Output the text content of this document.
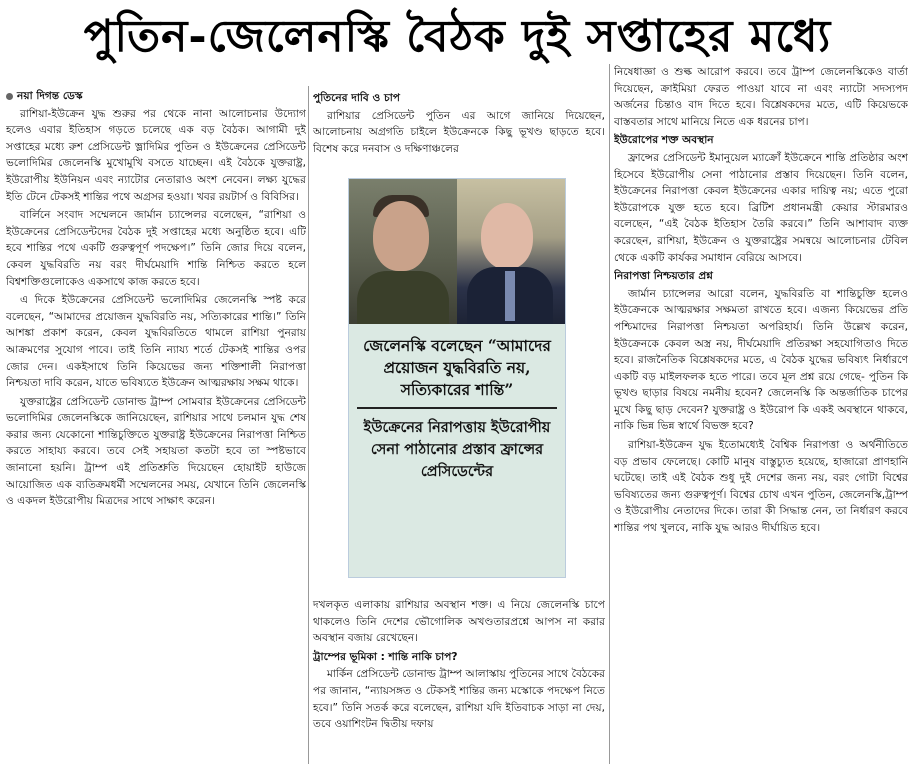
পুতিন-জেলেনস্কি বৈঠক দুই সপ্তাহের মধ্যে
নয়া দিগন্ত ডেস্ক

রাশিয়া-ইউক্রেন যুদ্ধ শুরুর পর থেকে নানা আলোচনার উদ্যোগ হলেও এবার ইতিহাস গড়তে চলেছে এক বড় বৈঠক। আগামী দুই সপ্তাহের মধ্যে রুশ প্রেসিডেন্ট ভ্লাদিমির পুতিন ও ইউক্রেনের প্রেসিডেন্ট ভলোদিমির জেলেনস্কি মুখোমুখি বসতে যাচ্ছেন। এই বৈঠকে যুক্তরাষ্ট্র, ইউরোপীয় ইউনিয়ন এবং ন্যাটোর নেতারাও অংশ নেবেন। লক্ষ্য যুদ্ধের ইতি টেনে টেকসই শান্তির পথে অগ্রসর হওয়া। খবর রয়টার্স ও বিবিসির।

বার্লিনে সংবাদ সম্মেলনে জার্মান চ্যান্সেলর বলেছেন, “রাশিয়া ও ইউক্রেনের প্রেসিডেন্টদের বৈঠক দুই সপ্তাহের মধ্যে অনুষ্ঠিত হবে। এটি হবে শান্তির পথে একটি গুরুত্বপূর্ণ পদক্ষেপ।” তিনি জোর দিয়ে বলেন, কেবল যুদ্ধবিরতি নয় বরং দীর্ঘমেয়াদি শান্তি নিশ্চিত করতে হলে বিশ্বশক্তিগুলোকেও একসাথে কাজ করতে হবে।

এ দিকে ইউক্রেনের প্রেসিডেন্ট ভলোদিমির জেলেনস্কি স্পষ্ট করে বলেছেন, “আমাদের প্রয়োজন যুদ্ধবিরতি নয়, সত্যিকারের শান্তি।” তিনি আশঙ্কা প্রকাশ করেন, কেবল যুদ্ধবিরতিতে থামলে রাশিয়া পুনরায় আক্রমণের সুযোগ পাবে। তাই তিনি ন্যায্য শর্তে টেকসই শান্তির ওপর জোর দেন। একইসাথে তিনি কিয়েভের জন্য শক্তিশালী নিরাপত্তা নিশ্চয়তা দাবি করেন, যাতে ভবিষ্যতে ইউক্রেন আত্মরক্ষায় সক্ষম থাকে।

যুক্তরাষ্ট্রের প্রেসিডেন্ট ডোনাল্ড ট্রাম্প সোমবার ইউক্রেনের প্রেসিডেন্ট ভলোদিমির জেলেনস্কিকে জানিয়েছেন, রাশিয়ার সাথে চলমান যুদ্ধ শেষ করার জন্য যেকোনো শান্তিচুক্তিতে যুক্তরাষ্ট্র ইউক্রেনের নিরাপত্তা নিশ্চিত করতে সাহায্য করবে। তবে সেই সহায়তা কতটা হবে তা স্পষ্টভাবে জানানো হয়নি। ট্রাম্প এই প্রতিশ্রুতি দিয়েছেন হোয়াইট হাউজে আয়োজিত এক ব্যতিক্রমধর্মী সম্মেলনের সময়, যেখানে তিনি জেলেনস্কি ও একদল ইউরোপীয় মিত্রদের সাথে সাক্ষাৎ করেন।

পুতিনের দাবি ও চাপ

রাশিয়ার প্রেসিডেন্ট পুতিন এর আগে জানিয়ে দিয়েছেন, আলোচনায় অগ্রগতি চাইলে ইউক্রেনকে কিছু ভূখণ্ড ছাড়তে হবে। বিশেষ করে দনবাস ও দক্ষিণাঞ্চলের

জেলেনস্কি বলেছেন “আমাদের প্রয়োজন যুদ্ধবিরতি নয়, সত্যিকারের শান্তি”
ইউক্রেনের নিরাপত্তায় ইউরোপীয় সেনা পাঠানোর প্রস্তাব ফ্রান্সের প্রেসিডেন্টের

দখলকৃত এলাকায় রাশিয়ার অবস্থান শক্ত। এ নিয়ে জেলেনস্কি চাপে থাকলেও তিনি দেশের ভৌগোলিক অখণ্ডতারপ্রশ্নে আপস না করার অবস্থান বজায় রেখেছেন।

ট্রাম্পের ভূমিকা : শান্তি নাকি চাপ?

মার্কিন প্রেসিডেন্ট ডোনাল্ড ট্রাম্প আলাস্কায় পুতিনের সাথে বৈঠকের পর জানান, “ন্যায়সঙ্গত ও টেকসই শান্তির জন্য মস্কোকে পদক্ষেপ নিতে হবে।” তিনি সতর্ক করে বলেছেন, রাশিয়া যদি ইতিবাচক সাড়া না দেয়, তবে ওয়াশিংটন দ্বিতীয় দফায়

নিষেধাজ্ঞা ও শুল্ক আরোপ করবে। তবে ট্রাম্প জেলেনস্কিকেও বার্তা দিয়েছেন, ক্রাইমিয়া ফেরত পাওয়া যাবে না এবং ন্যাটো সদস্যপদ অর্জনের চিন্তাও বাদ দিতে হবে। বিশ্লেষকদের মতে, এটি কিয়েভকে বাস্তবতার সাথে মানিয়ে নিতে এক ধরনের চাপ।

ইউরোপের শক্ত অবস্থান

ফ্রান্সের প্রেসিডেন্ট ইমানুয়েল ম্যাক্রোঁ ইউক্রেনে শান্তি প্রতিষ্ঠার অংশ হিসেবে ইউরোপীয় সেনা পাঠানোর প্রস্তাব দিয়েছেন। তিনি বলেন, ইউক্রেনের নিরাপত্তা কেবল ইউক্রেনের একার দায়িত্ব নয়; এতে পুরো ইউরোপকে যুক্ত হতে হবে। ব্রিটিশ প্রধানমন্ত্রী কেয়ার স্টারমারও বলেছেন, “এই বৈঠক ইতিহাস তৈরি করবে।” তিনি আশাবাদ ব্যক্ত করেছেন, রাশিয়া, ইউক্রেন ও যুক্তরাষ্ট্রের সমন্বয়ে আলোচনার টেবিল থেকে একটি কার্যকর সমাধান বেরিয়ে আসবে।

নিরাপত্তা নিশ্চয়তার প্রশ্ন

জার্মান চ্যান্সেলর আরো বলেন, যুদ্ধবিরতি বা শান্তিচুক্তি হলেও ইউক্রেনকে আত্মরক্ষার সক্ষমতা রাখতে হবে। এজন্য কিয়েভের প্রতি পশ্চিমাদের নিরাপত্তা নিশ্চয়তা অপরিহার্য। তিনি উল্লেখ করেন, ইউক্রেনকে কেবল অস্ত্র নয়, দীর্ঘমেয়াদি প্রতিরক্ষা সহযোগিতাও দিতে হবে। রাজনৈতিক বিশ্লেষকদের মতে, এ বৈঠক যুদ্ধের ভবিষ্যৎ নির্ধারণে একটি বড় মাইলফলক হতে পারে। তবে মূল প্রশ্ন রয়ে গেছে- পুতিন কি ভূখণ্ড ছাড়ার বিষয়ে নমনীয় হবেন? জেলেনস্কি কি অন্তর্জাতিক চাপের মুখে কিছু ছাড় দেবেন? যুক্তরাষ্ট্র ও ইউরোপ কি একই অবস্থানে থাকবে, নাকি ভিন্ন ভিন্ন স্বার্থে বিভক্ত হবে?

রাশিয়া-ইউক্রেন যুদ্ধ ইতোমধ্যেই বৈশ্বিক নিরাপত্তা ও অর্থনীতিতে বড় প্রভাব ফেলেছে। কোটি মানুষ বাস্তুচ্যুত হয়েছে, হাজারো প্রাণহানি ঘটেছে। তাই এই বৈঠক শুধু দুই দেশের জন্য নয়, বরং গোটা বিশ্বের ভবিষ্যতের জন্য গুরুত্বপূর্ণ। বিশ্বের চোখ এখন পুতিন, জেলেনস্কি,ট্রাম্প ও ইউরোপীয় নেতাদের দিকে। তারা কী সিদ্ধান্ত নেন, তা নির্ধারণ করবে শান্তির পথ খুলবে, নাকি যুদ্ধ আরও দীর্ঘায়িত হবে।
